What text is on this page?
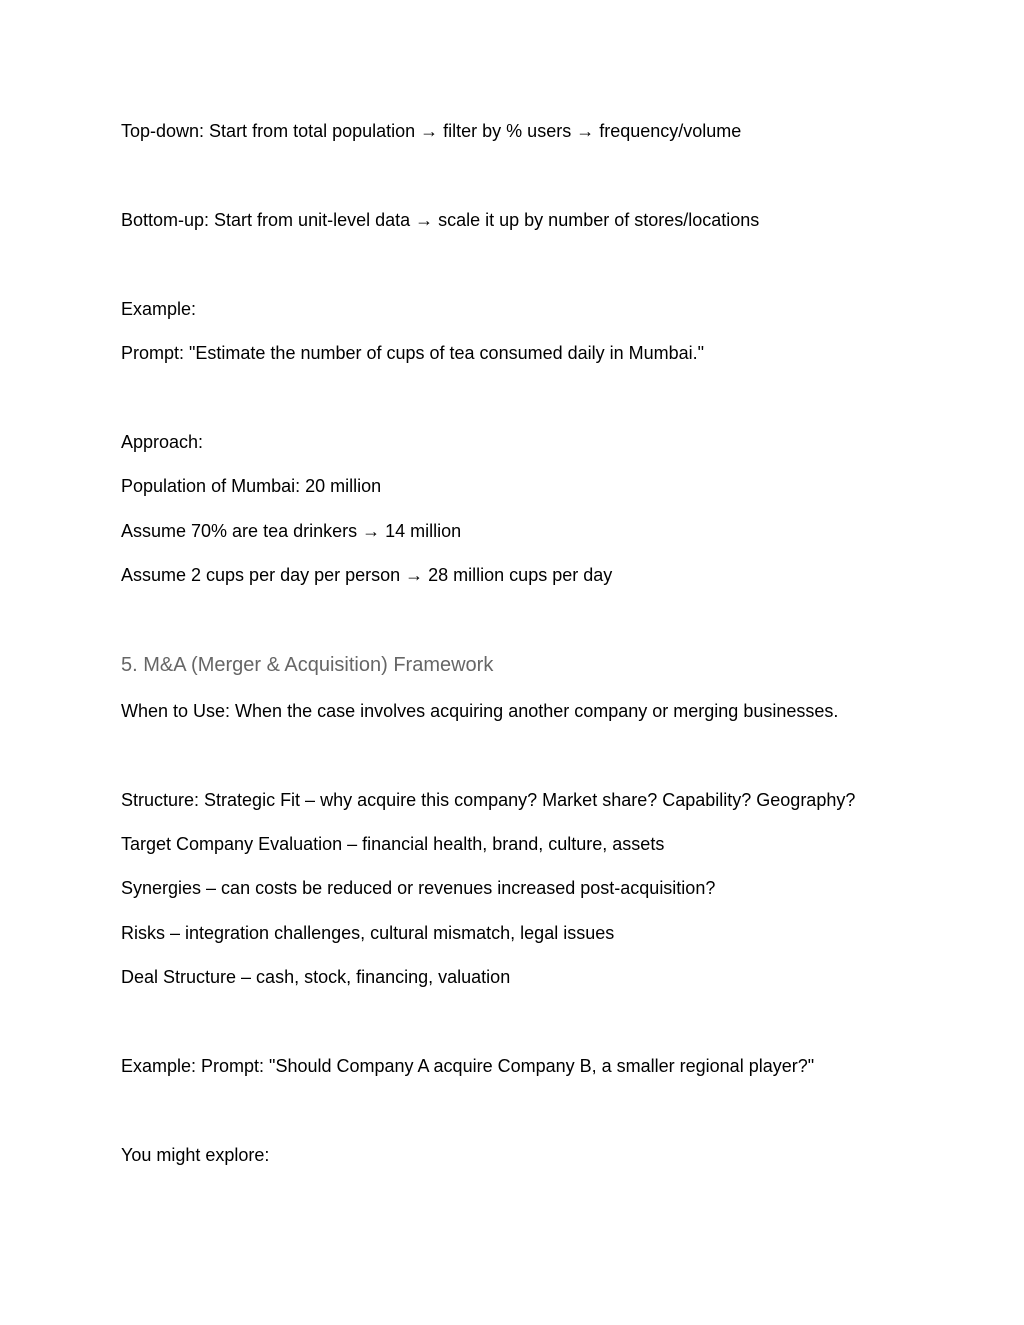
Top-down: Start from total population → filter by % users → frequency/volume
Bottom-up: Start from unit-level data → scale it up by number of stores/locations
Example:
Prompt: "Estimate the number of cups of tea consumed daily in Mumbai."
Approach:
Population of Mumbai: 20 million
Assume 70% are tea drinkers → 14 million
Assume 2 cups per day per person → 28 million cups per day
5. M&A (Merger & Acquisition) Framework
When to Use: When the case involves acquiring another company or merging businesses.
Structure: Strategic Fit – why acquire this company? Market share? Capability? Geography?
Target Company Evaluation – financial health, brand, culture, assets
Synergies – can costs be reduced or revenues increased post-acquisition?
Risks – integration challenges, cultural mismatch, legal issues
Deal Structure – cash, stock, financing, valuation
Example: Prompt: "Should Company A acquire Company B, a smaller regional player?"
You might explore:
